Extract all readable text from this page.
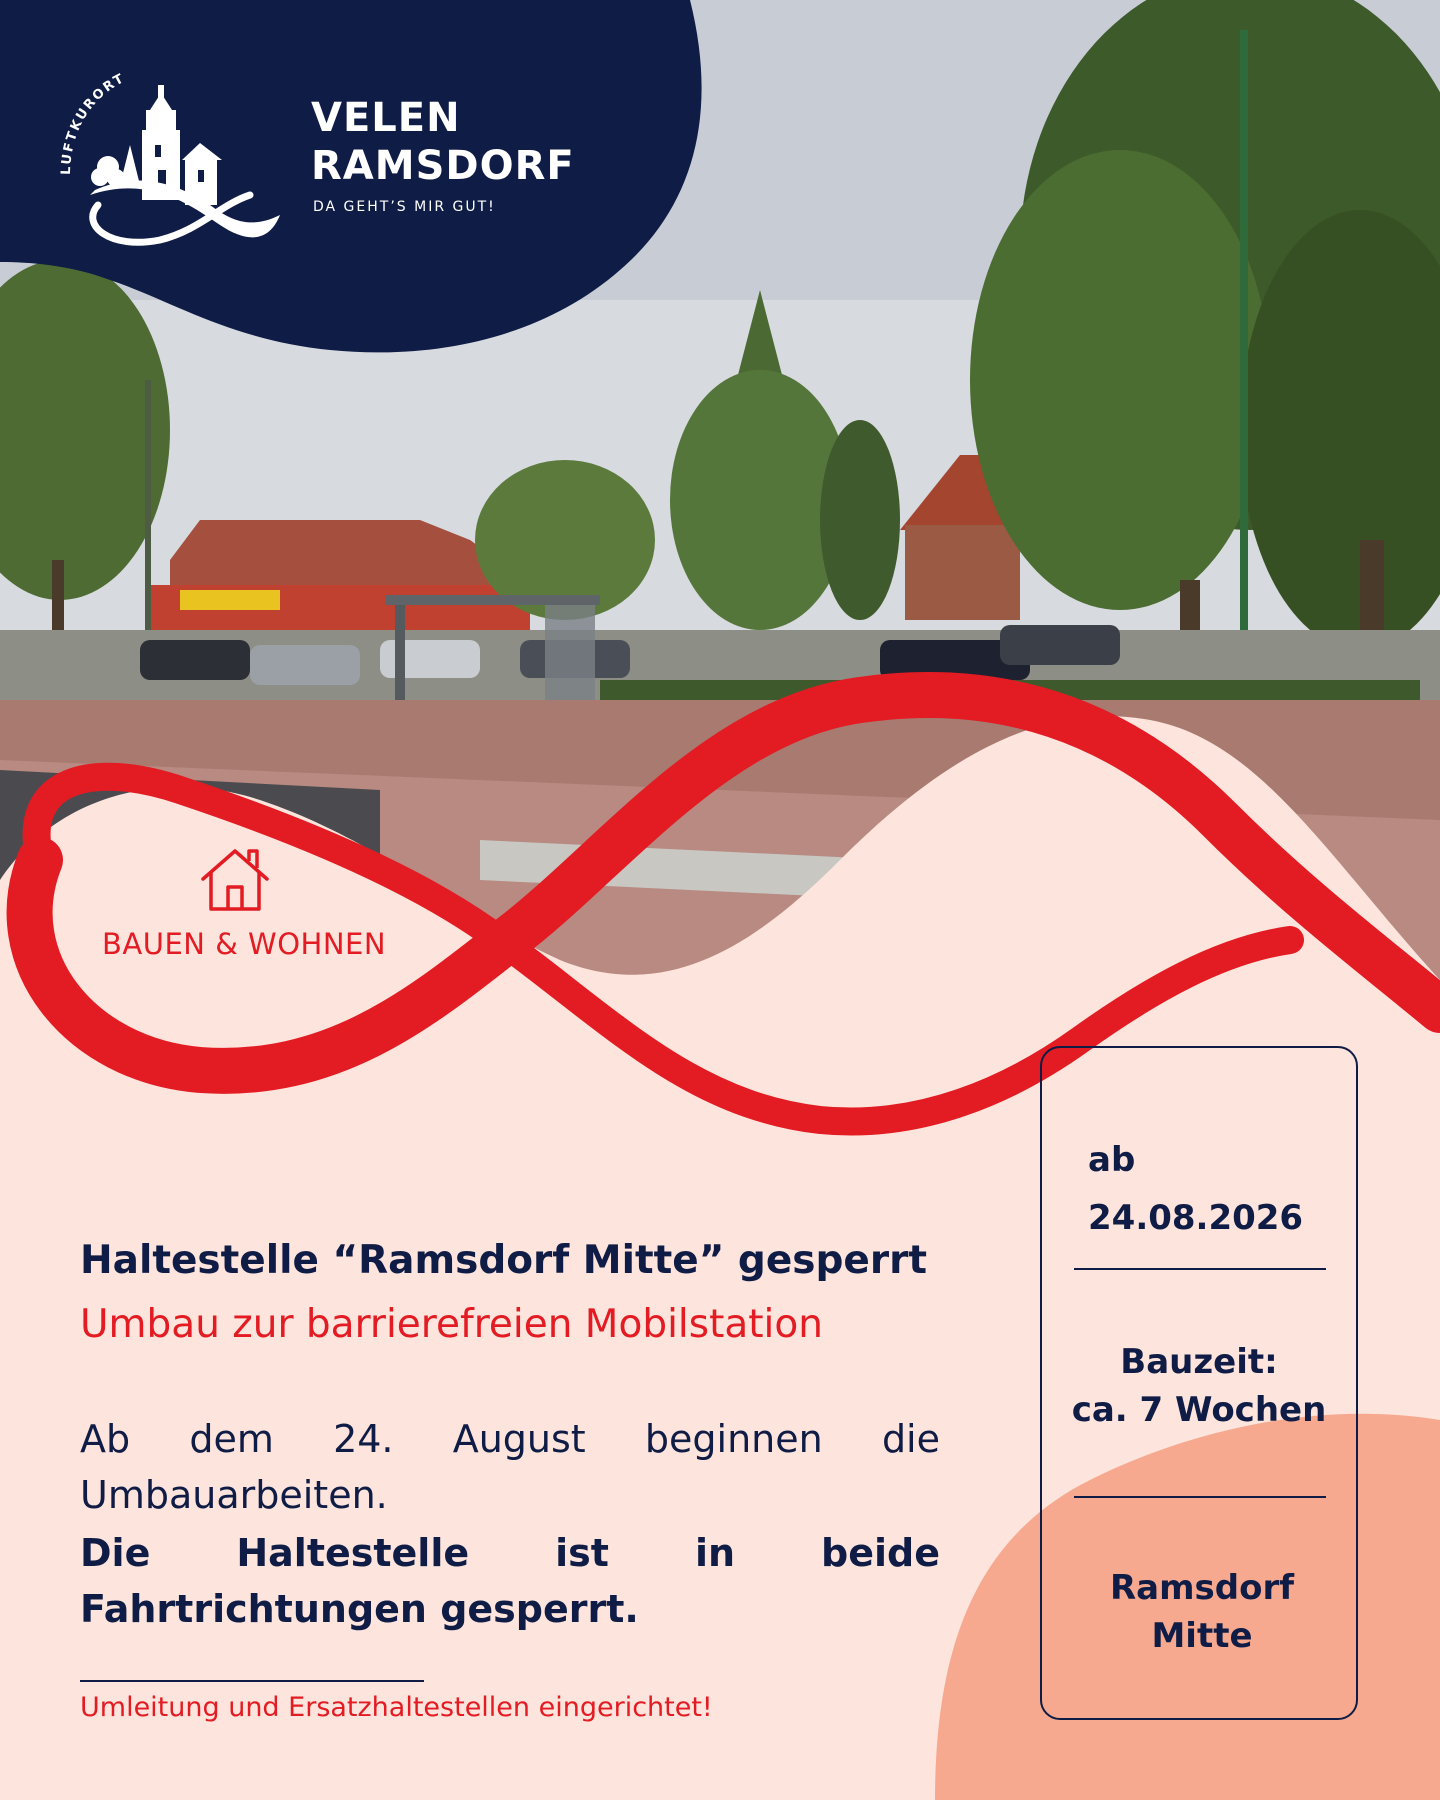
BAUEN & WOHNEN
LUFTKURORT
VELEN
RAMSDORF
DA GEHT’S MIR GUT!
Haltestelle “Ramsdorf Mitte” gesperrt
Umbau zur barrierefreien Mobilstation
Ab dem 24. August beginnen die Umbauarbeiten.
Die Haltestelle ist in beide Fahrtrichtungen gesperrt.
Umleitung und Ersatzhaltestellen eingerichtet!
ab
24.08.2026
Bauzeit:
ca. 7 Wochen
Ramsdorf Mitte
